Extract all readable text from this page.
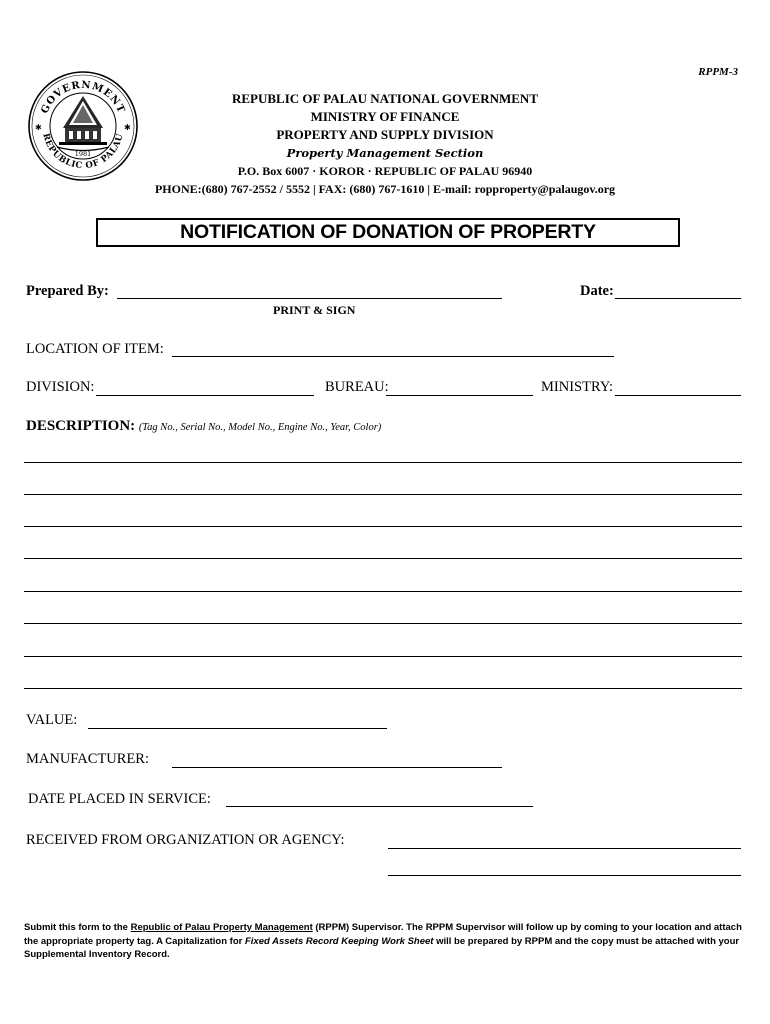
RPPM-3
GOVERNMENT
REPUBLIC OF PALAU
✱	✱
1981
REPUBLIC OF PALAU NATIONAL GOVERNMENT
MINISTRY OF FINANCE
PROPERTY AND SUPPLY DIVISION
Property Management Section
P.O. Box 6007 · KOROR · REPUBLIC OF PALAU 96940
PHONE:(680) 767-2552 / 5552 | FAX: (680) 767-1610 | E-mail: ropproperty@palaugov.org
NOTIFICATION OF DONATION OF PROPERTY
Prepared By:
PRINT & SIGN
Date:
LOCATION OF ITEM:
DIVISION:	BUREAU:	MINISTRY:
DESCRIPTION: (Tag No., Serial No., Model No., Engine No., Year, Color)
VALUE:
MANUFACTURER:
DATE PLACED IN SERVICE:
RECEIVED FROM ORGANIZATION OR AGENCY:
Submit this form to the Republic of Palau Property Management (RPPM) Supervisor. The RPPM Supervisor will follow up by coming to your location and attach the appropriate property tag. A Capitalization for Fixed Assets Record Keeping Work Sheet will be prepared by RPPM and the copy must be attached with your Supplemental Inventory Record.
